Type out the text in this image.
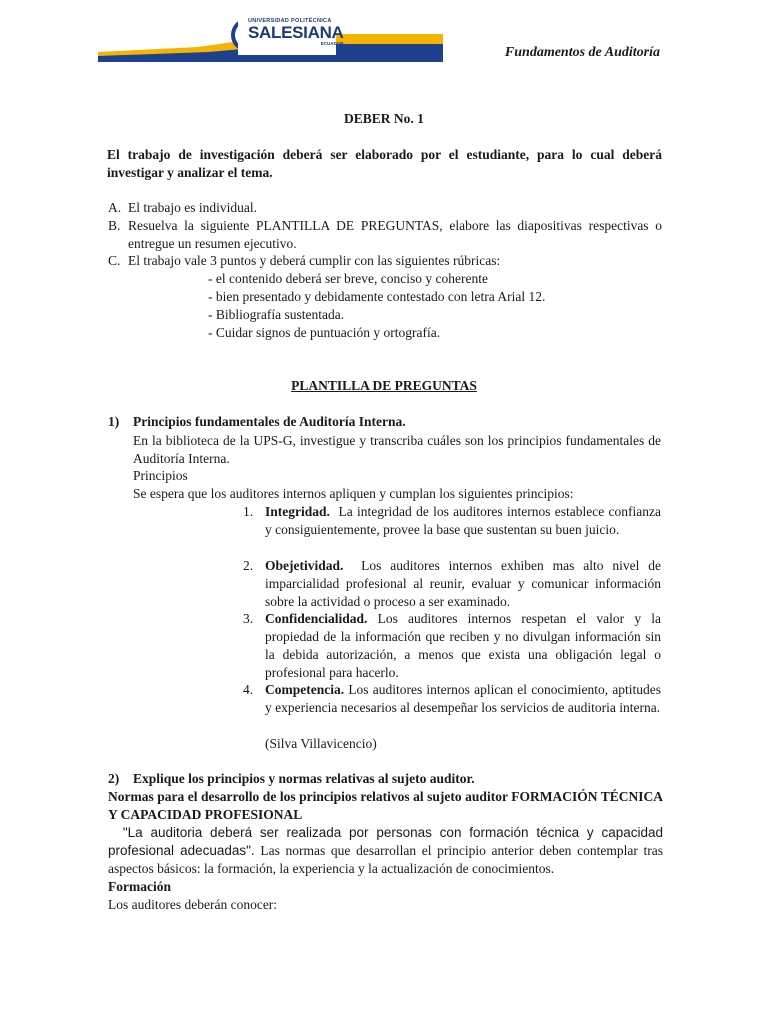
UNIVERSIDAD POLITÉCNICA
SALESIANA
ECUADOR
Fundamentos de Auditoría
DEBER No. 1
El trabajo de investigación deberá ser elaborado por el estudiante, para lo cual deberá investigar y analizar el tema.
A. El trabajo es individual.
B. Resuelva la siguiente PLANTILLA DE PREGUNTAS, elabore las diapositivas respectivas o entregue un resumen ejecutivo.
C. El trabajo vale 3 puntos y deberá cumplir con las siguientes rúbricas:
- el contenido deberá ser breve, conciso y coherente
- bien presentado y debidamente contestado con letra Arial 12.
- Bibliografía sustentada.
- Cuidar signos de puntuación y ortografía.
PLANTILLA DE PREGUNTAS
1) Principios fundamentales de Auditoría Interna.
En la biblioteca de la UPS-G, investigue y transcriba cuáles son los principios fundamentales de Auditoría Interna.
Principios
Se espera que los auditores internos apliquen y cumplan los siguientes principios:
1. Integridad. La integridad de los auditores internos establece confianza y consiguientemente, provee la base que sustentan su buen juicio.
2. Obejetividad. Los auditores internos exhiben mas alto nivel de imparcialidad profesional al reunir, evaluar y comunicar información sobre la actividad o proceso a ser examinado.
3. Confidencialidad. Los auditores internos respetan el valor y la propiedad de la información que reciben y no divulgan información sin la debida autorización, a menos que exista una obligación legal o profesional para hacerlo.
4. Competencia. Los auditores internos aplican el conocimiento, aptitudes y experiencia necesarios al desempeñar los servicios de auditoria interna.
(Silva Villavicencio)
2) Explique los principios y normas relativas al sujeto auditor.
Normas para el desarrollo de los principios relativos al sujeto auditor FORMACIÓN TÉCNICA Y CAPACIDAD PROFESIONAL
"La auditoria deberá ser realizada por personas con formación técnica y capacidad profesional adecuadas". Las normas que desarrollan el principio anterior deben contemplar tras aspectos básicos: la formación, la experiencia y la actualización de conocimientos.
Formación
Los auditores deberán conocer:
